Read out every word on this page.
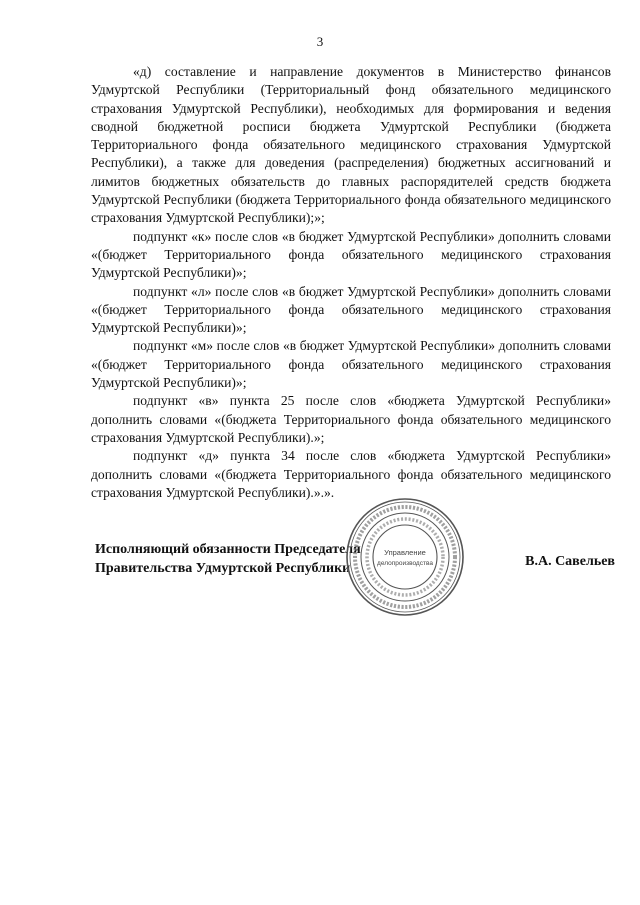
3

«д) составление и направление документов в Министерство финансов Удмуртской Республики (Территориальный фонд обязательного медицинского страхования Удмуртской Республики), необходимых для формирования и ведения сводной бюджетной росписи бюджета Удмуртской Республики (бюджета Территориального фонда обязательного медицинского страхования Удмуртской Республики), а также для доведения (распределения) бюджетных ассигнований и лимитов бюджетных обязательств до главных распорядителей средств бюджета Удмуртской Республики (бюджета Территориального фонда обязательного медицинского страхования Удмуртской Республики);»;

подпункт «к» после слов «в бюджет Удмуртской Республики» дополнить словами «(бюджет Территориального фонда обязательного медицинского страхования Удмуртской Республики)»;

подпункт «л» после слов «в бюджет Удмуртской Республики» дополнить словами «(бюджет Территориального фонда обязательного медицинского страхования Удмуртской Республики)»;

подпункт «м» после слов «в бюджет Удмуртской Республики» дополнить словами «(бюджет Территориального фонда обязательного медицинского страхования Удмуртской Республики)»;

подпункт «в» пункта 25 после слов «бюджета Удмуртской Республики» дополнить словами «(бюджета Территориального фонда обязательного медицинского страхования Удмуртской Республики).»;

подпункт «д» пункта 34 после слов «бюджета Удмуртской Республики» дополнить словами «(бюджета Территориального фонда обязательного медицинского страхования Удмуртской Республики).».».

Исполняющий обязанности Председателя
Правительства Удмуртской Республики	В.А. Савельев
Управление
делопроизводства
